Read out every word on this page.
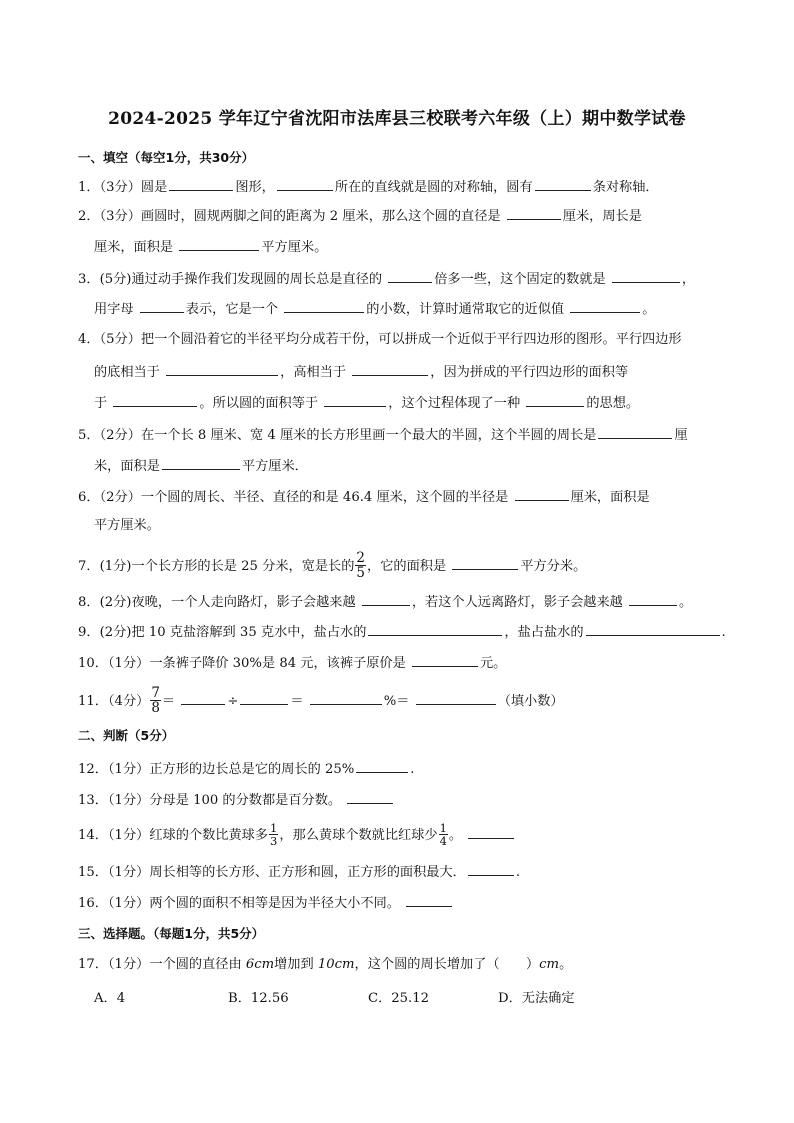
2024-2025 学年辽宁省沈阳市法库县三校联考六年级（上）期中数学试卷
一、填空（每空1分，共30分）
1．（3分）圆是	图形，	所在的直线就是圆的对称轴，圆有	条对称轴．
2．（3分）画圆时，圆规两脚之间的距离为 2 厘米，那么这个圆的直径是	厘米，周长是
厘米，面积是	平方厘米。
3．(5分)通过动手操作我们发现圆的周长总是直径的	倍多一些，这个固定的数就是	，
用字母	表示，它是一个	的小数，计算时通常取它的近似值	。
4．（5分）把一个圆沿着它的半径平均分成若干份，可以拼成一个近似于平行四边形的图形。平行四边形
的底相当于	，高相当于	，因为拼成的平行四边形的面积等
于	。所以圆的面积等于	，这个过程体现了一种	的思想。
5．（2分）在一个长 8 厘米、宽 4 厘米的长方形里画一个最大的半圆，这个半圆的周长是	厘
米，面积是	平方厘米．
6．（2分）一个圆的周长、半径、直径的和是 46.4 厘米，这个圆的半径是	厘米，面积是
平方厘米。
7．(1分)一个长方形的长是 25 分米，宽是长的 $\frac{2}{5}$ ，它的面积是	平方分米。
8．(2分)夜晚，一个人走向路灯，影子会越来越	，若这个人远离路灯，影子会越来越	。
9．(2分)把 10 克盐溶解到 35 克水中，盐占水的	，盐占盐水的	.
10．（1分）一条裤子降价 30%是 84 元，该裤子原价是	元。
11．（4分） $\frac{7}{8}$ ＝	÷	＝	%＝	（填小数）
二、判断（5分）
12．（1分）正方形的边长总是它的周长的 25%	.
13．（1分）分母是 100 的分数都是百分数。
14．（1分）红球的个数比黄球多 $\frac{1}{3}$ ，那么黄球个数就比红球少 $\frac{1}{4}$ 。
15．（1分）周长相等的长方形、正方形和圆，正方形的面积最大．	.
16．（1分）两个圆的面积不相等是因为半径大小不同。
三、选择题。（每题1分，共5分）
17．（1分）一个圆的直径由 6cm增加到 10cm，这个圆的周长增加了（　　）cm。
A．4	B．12.56	C．25.12	D．无法确定
